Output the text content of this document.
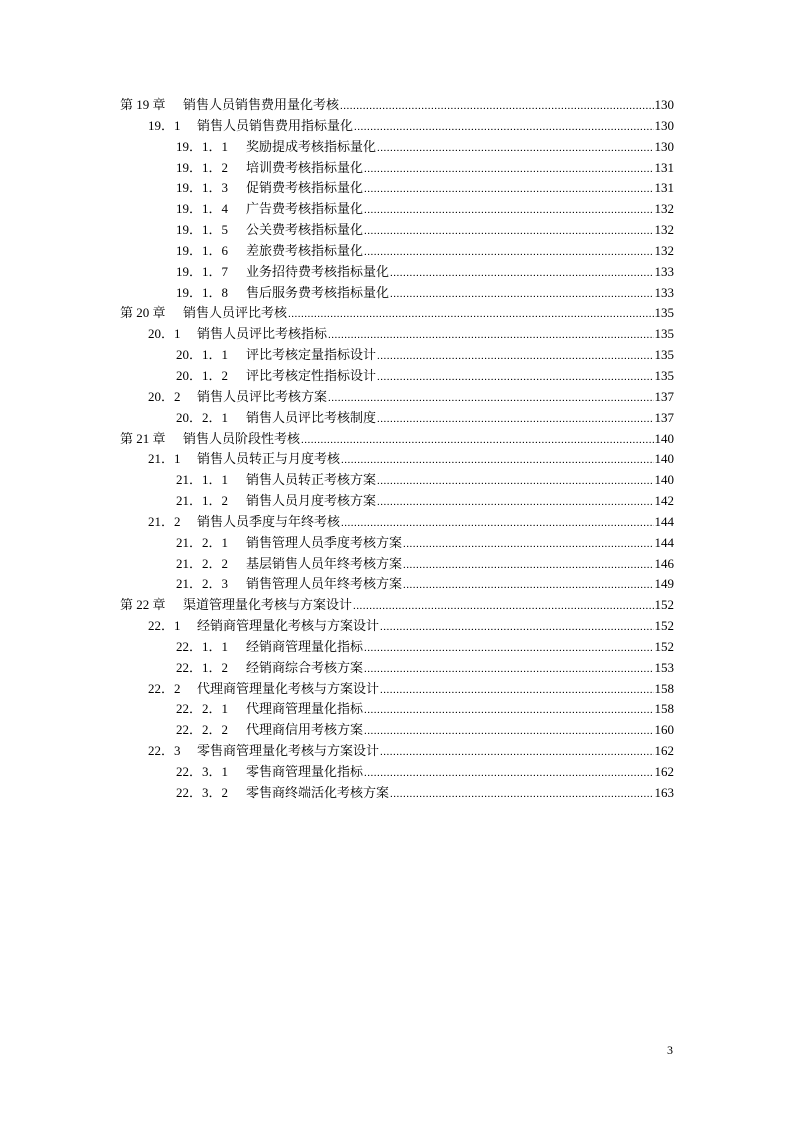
第 19 章	销售人员销售费用量化考核 .....	130
19．1	销售人员销售费用指标量化 .....	130
19．1．1	奖励提成考核指标量化 .....	130
19．1．2	培训费考核指标量化 .....	131
19．1．3	促销费考核指标量化 .....	131
19．1．4	广告费考核指标量化 .....	132
19．1．5	公关费考核指标量化 .....	132
19．1．6	差旅费考核指标量化 .....	132
19．1．7	业务招待费考核指标量化 .....	133
19．1．8	售后服务费考核指标量化 .....	133
第 20 章	销售人员评比考核 .....	135
20．1	销售人员评比考核指标 .....	135
20．1．1	评比考核定量指标设计 .....	135
20．1．2	评比考核定性指标设计 .....	135
20．2	销售人员评比考核方案 .....	137
20．2．1	销售人员评比考核制度 .....	137
第 21 章	销售人员阶段性考核 .....	140
21．1	销售人员转正与月度考核 .....	140
21．1．1	销售人员转正考核方案 .....	140
21．1．2	销售人员月度考核方案 .....	142
21．2	销售人员季度与年终考核 .....	144
21．2．1	销售管理人员季度考核方案 .....	144
21．2．2	基层销售人员年终考核方案 .....	146
21．2．3	销售管理人员年终考核方案 .....	149
第 22 章	渠道管理量化考核与方案设计 .....	152
22．1	经销商管理量化考核与方案设计 .....	152
22．1．1	经销商管理量化指标 .....	152
22．1．2	经销商综合考核方案 .....	153
22．2	代理商管理量化考核与方案设计 .....	158
22．2．1	代理商管理量化指标 .....	158
22．2．2	代理商信用考核方案 .....	160
22．3	零售商管理量化考核与方案设计 .....	162
22．3．1	零售商管理量化指标 .....	162
22．3．2	零售商终端活化考核方案 .....	163
3
